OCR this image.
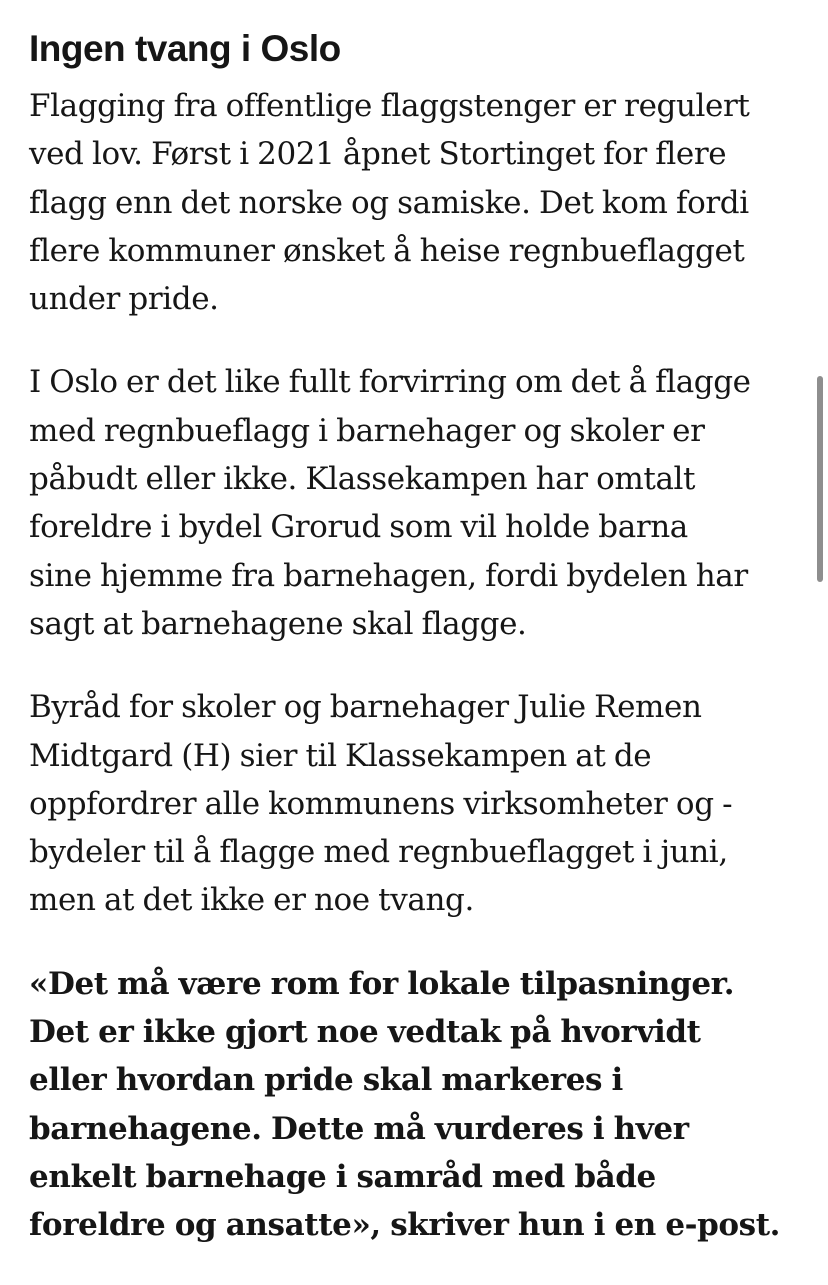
Ingen tvang i Oslo

Flagging fra offentlige flaggstenger er regulert
ved lov. Først i 2021 åpnet Stortinget for flere
flagg enn det norske og samiske. Det kom fordi
flere kommuner ønsket å heise regnbueflagget
under pride.

I Oslo er det like fullt forvirring om det å flagge
med regnbueflagg i barnehager og skoler er
påbudt eller ikke. Klassekampen har omtalt
foreldre i bydel Grorud som vil holde barna
sine hjemme fra barnehagen, fordi bydelen har
sagt at barnehagene skal flagge.

Byråd for skoler og barnehager Julie Remen
Midtgard (H) sier til Klassekampen at de
oppfordrer alle kommunens virksomheter og -
bydeler til å flagge med regnbueflagget i juni,
men at det ikke er noe tvang.

«Det må være rom for lokale tilpasninger.
Det er ikke gjort noe vedtak på hvorvidt
eller hvordan pride skal markeres i
barnehagene. Dette må vurderes i hver
enkelt barnehage i samråd med både
foreldre og ansatte», skriver hun i en e-post.
